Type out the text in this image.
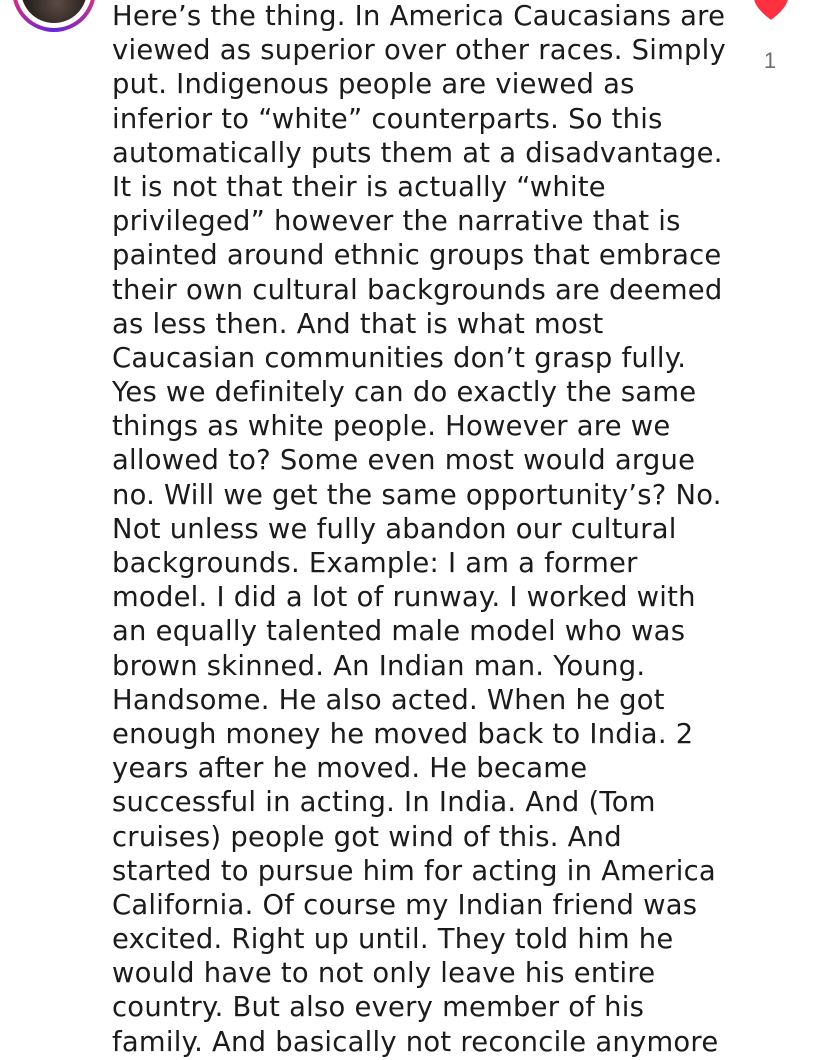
Here’s the thing. In America Caucasians are
viewed as superior over other races. Simply
put. Indigenous people are viewed as
inferior to “white” counterparts. So this
automatically puts them at a disadvantage.
It is not that their is actually “white
privileged” however the narrative that is
painted around ethnic groups that embrace
their own cultural backgrounds are deemed
as less then. And that is what most
Caucasian communities don’t grasp fully.
Yes we definitely can do exactly the same
things as white people. However are we
allowed to? Some even most would argue
no. Will we get the same opportunity’s? No.
Not unless we fully abandon our cultural
backgrounds. Example: I am a former
model. I did a lot of runway. I worked with
an equally talented male model who was
brown skinned. An Indian man. Young.
Handsome. He also acted. When he got
enough money he moved back to India. 2
years after he moved. He became
successful in acting. In India. And (Tom
cruises) people got wind of this. And
started to pursue him for acting in America
California. Of course my Indian friend was
excited. Right up until. They told him he
would have to not only leave his entire
country. But also every member of his
family. And basically not reconcile anymore
1
